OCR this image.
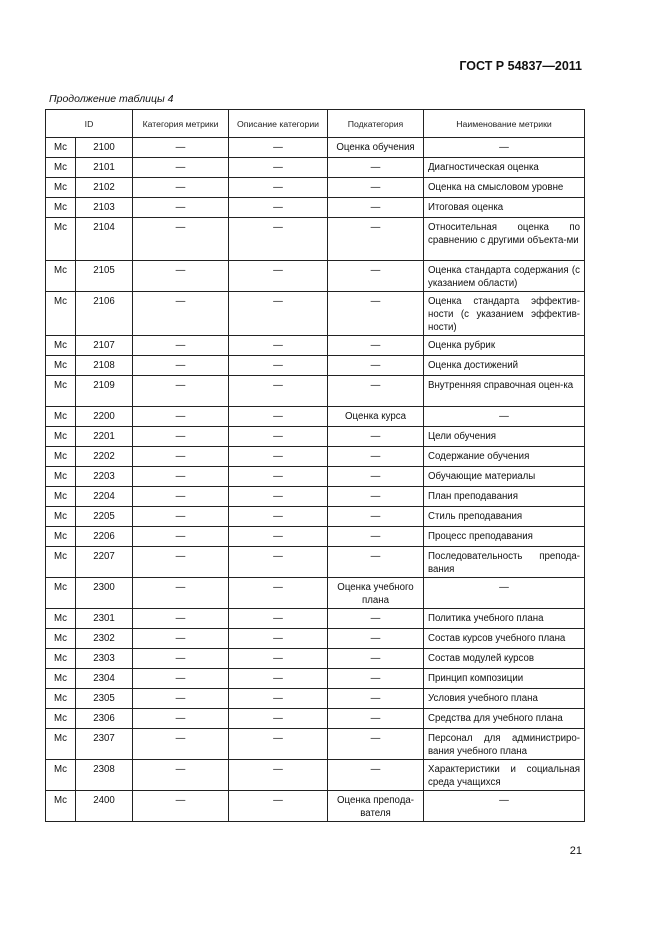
ГОСТ Р 54837—2011
Продолжение таблицы 4
ID		Категория метрики	Описание категории	Подкатегория	Наименование метрики
Mc	2100	—	—	Оценка обучения	—
Mc	2101	—	—	—	Диагностическая оценка
Mc	2102	—	—	—	Оценка на смысловом уровне
Mc	2103	—	—	—	Итоговая оценка
Mc	2104	—	—	—	Относительная оценка по сравнению с другими объекта-ми
Mc	2105	—	—	—	Оценка стандарта содержания (с указанием области)
Mc	2106	—	—	—	Оценка стандарта эффектив-ности (с указанием эффектив-ности)
Mc	2107	—	—	—	Оценка рубрик
Mc	2108	—	—	—	Оценка достижений
Mc	2109	—	—	—	Внутренняя справочная оцен-ка
Mc	2200	—	—	Оценка курса	—
Mc	2201	—	—	—	Цели обучения
Mc	2202	—	—	—	Содержание обучения
Mc	2203	—	—	—	Обучающие материалы
Mc	2204	—	—	—	План преподавания
Mc	2205	—	—	—	Стиль преподавания
Mc	2206	—	—	—	Процесс преподавания
Mc	2207	—	—	—	Последовательность препода-вания
Mc	2300	—	—	Оценка учебного плана	—
Mc	2301	—	—	—	Политика учебного плана
Mc	2302	—	—	—	Состав курсов учебного плана
Mc	2303	—	—	—	Состав модулей курсов
Mc	2304	—	—	—	Принцип композиции
Mc	2305	—	—	—	Условия учебного плана
Mc	2306	—	—	—	Средства для учебного плана
Mc	2307	—	—	—	Персонал для администриро-вания учебного плана
Mc	2308	—	—	—	Характеристики и социальная среда учащихся
Mc	2400	—	—	Оценка препода-вателя	—
21
